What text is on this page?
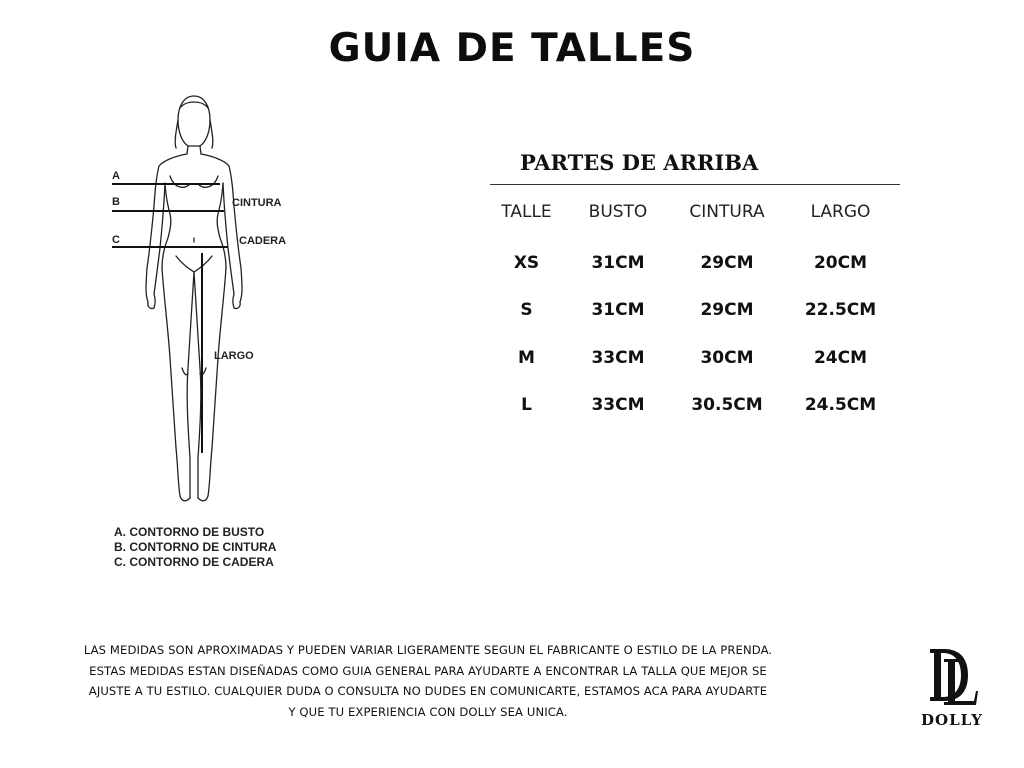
GUIA DE TALLES
A
B
C
CINTURA
CADERA
LARGO
A. CONTORNO DE BUSTO
B. CONTORNO DE CINTURA
C. CONTORNO DE CADERA
PARTES DE ARRIBA
TALLE	BUSTO	CINTURA	LARGO
XS	31CM	29CM	20CM
S	31CM	29CM	22.5CM
M	33CM	30CM	24CM
L	33CM	30.5CM	24.5CM
LAS MEDIDAS SON APROXIMADAS Y PUEDEN VARIAR LIGERAMENTE SEGUN EL FABRICANTE O ESTILO DE LA PRENDA.
ESTAS MEDIDAS ESTAN DISEÑADAS COMO GUIA GENERAL PARA AYUDARTE A ENCONTRAR LA TALLA QUE MEJOR SE
AJUSTE A TU ESTILO. CUALQUIER DUDA O CONSULTA NO DUDES EN COMUNICARTE, ESTAMOS ACA PARA AYUDARTE
Y QUE TU EXPERIENCIA CON DOLLY SEA UNICA.	DOLLY
